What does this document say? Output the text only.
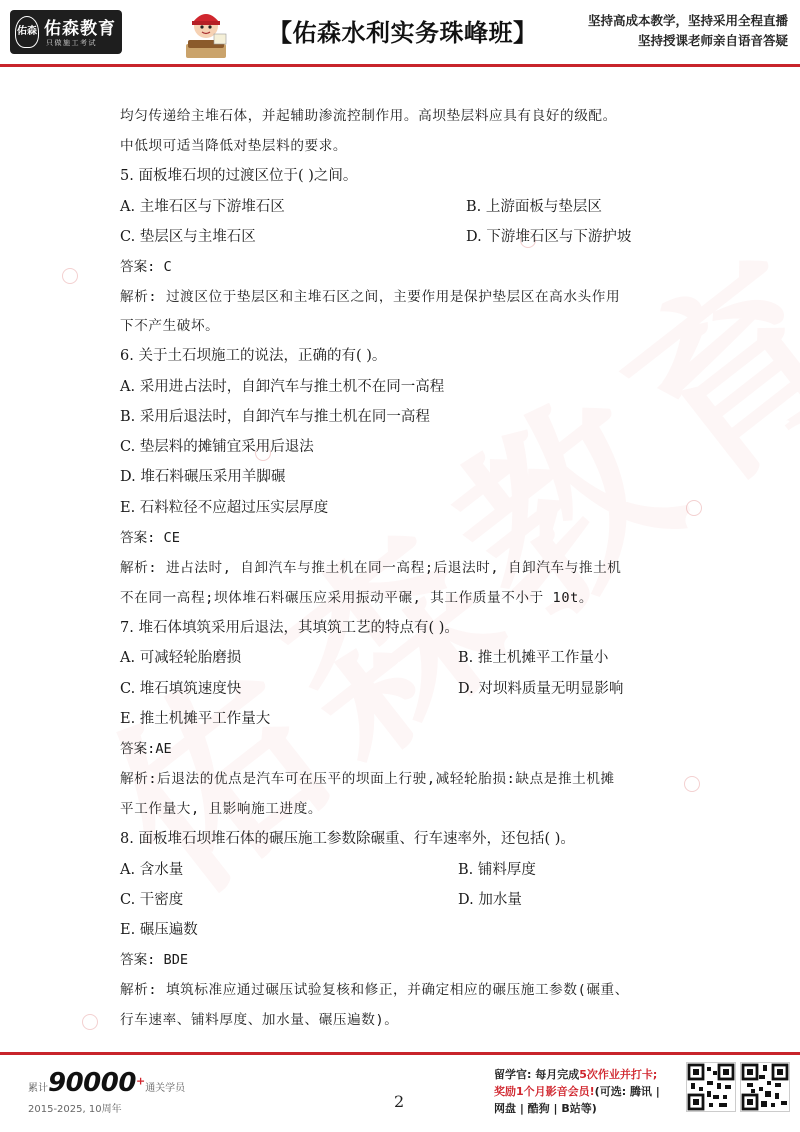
佑森 佑森教育
只做施工考试	【佑森水利实务珠峰班】	坚持高成本教学，坚持采用全程直播
坚持授课老师亲自语音答疑
均匀传递给主堆石体，并起辅助渗流控制作用。高坝垫层料应具有良好的级配。
中低坝可适当降低对垫层料的要求。
5. 面板堆石坝的过渡区位于( )之间。
A. 主堆石区与下游堆石区	B. 上游面板与垫层区
C. 垫层区与主堆石区	D. 下游堆石区与下游护坡
答案: C
解析: 过渡区位于垫层区和主堆石区之间，主要作用是保护垫层区在高水头作用
下不产生破坏。
6. 关于土石坝施工的说法，正确的有( )。
A. 采用进占法时，自卸汽车与推土机不在同一高程
B. 采用后退法时，自卸汽车与推土机在同一高程
C. 垫层料的摊铺宜采用后退法
D. 堆石料碾压采用羊脚碾
E. 石料粒径不应超过压实层厚度
答案: CE
解析: 进占法时, 自卸汽车与推土机在同一高程;后退法时, 自卸汽车与推土机
不在同一高程;坝体堆石料碾压应采用振动平碾, 其工作质量不小于 10t。
7. 堆石体填筑采用后退法，其填筑工艺的特点有( )。
A. 可减轻轮胎磨损	B. 推土机摊平工作量小
C. 堆石填筑速度快	D. 对坝料质量无明显影响
E. 推土机摊平工作量大
答案:AE
解析:后退法的优点是汽车可在压平的坝面上行驶,减轻轮胎损:缺点是推土机摊
平工作量大, 且影响施工进度。
8. 面板堆石坝堆石体的碾压施工参数除碾重、行车速率外，还包括( )。
A. 含水量	B. 铺料厚度
C. 干密度	D. 加水量
E. 碾压遍数
答案: BDE
解析: 填筑标准应通过碾压试验复核和修正，并确定相应的碾压施工参数(碾重、
行车速率、铺料厚度、加水量、碾压遍数)。
累计90000+通关学员
2015-2025, 10周年	2
留学官: 每月完成5次作业并打卡;
奖励1个月影音会员!(可选: 腾讯 |
网盘 | 酷狗 | B站等)
